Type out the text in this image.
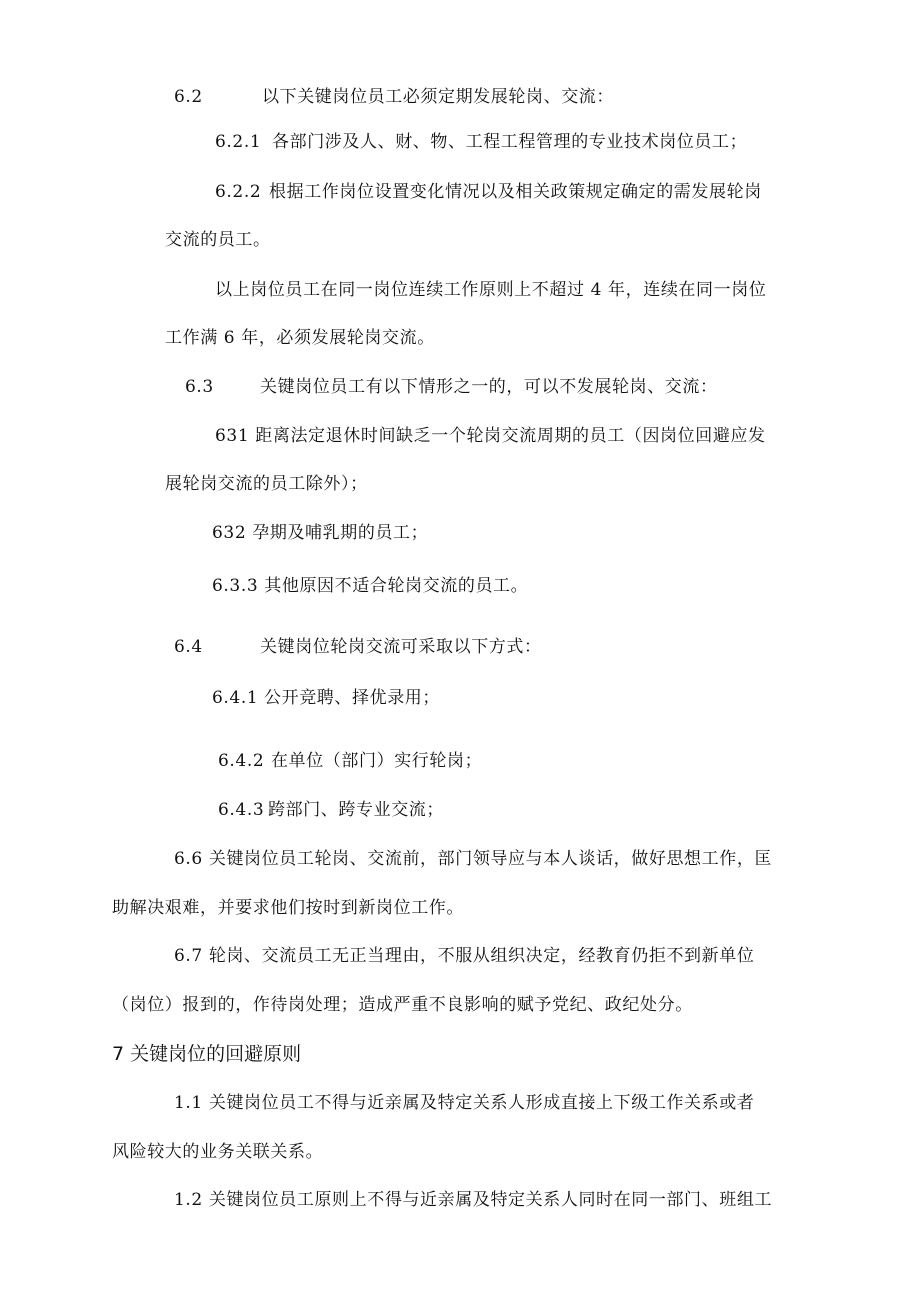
6.2	以下关键岗位员工必须定期发展轮岗、交流：
6.2.1 各部门涉及人、财、物、工程工程管理的专业技术岗位员工；
6.2.2 根据工作岗位设置变化情况以及相关政策规定确定的需发展轮岗
交流的员工。
以上岗位员工在同一岗位连续工作原则上不超过 4 年，连续在同一岗位
工作满 6 年，必须发展轮岗交流。
6.3	关键岗位员工有以下情形之一的，可以不发展轮岗、交流：
631 距离法定退休时间缺乏一个轮岗交流周期的员工（因岗位回避应发
展轮岗交流的员工除外）；
632 孕期及哺乳期的员工；
6.3.3 其他原因不适合轮岗交流的员工。
6.4	关键岗位轮岗交流可采取以下方式：
6.4.1 公开竞聘、择优录用；
6.4.2 在单位（部门）实行轮岗；
6.4.3 跨部门、跨专业交流；
6.6 关键岗位员工轮岗、交流前，部门领导应与本人谈话，做好思想工作，匡
助解决艰难，并要求他们按时到新岗位工作。
6.7 轮岗、交流员工无正当理由，不服从组织决定，经教育仍拒不到新单位
（岗位）报到的，作待岗处理；造成严重不良影响的赋予党纪、政纪处分。
7 关键岗位的回避原则
1.1 关键岗位员工不得与近亲属及特定关系人形成直接上下级工作关系或者
风险较大的业务关联关系。
1.2 关键岗位员工原则上不得与近亲属及特定关系人同时在同一部门、班组工
